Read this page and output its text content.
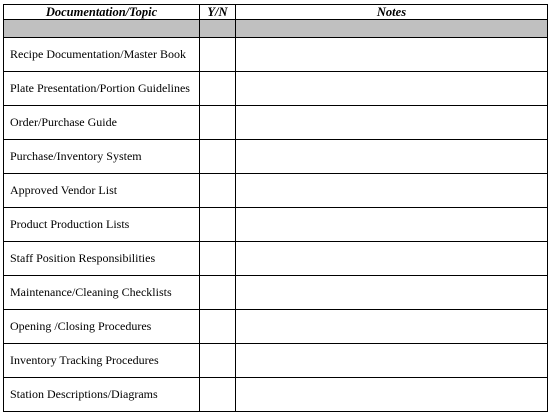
Documentation/Topic	Y/N	Notes

Recipe Documentation/Master Book		
Plate Presentation/Portion Guidelines		
Order/Purchase Guide		
Purchase/Inventory System		
Approved Vendor List		
Product Production Lists		
Staff Position Responsibilities		
Maintenance/Cleaning Checklists		
Opening /Closing Procedures		
Inventory Tracking Procedures		
Station Descriptions/Diagrams		
